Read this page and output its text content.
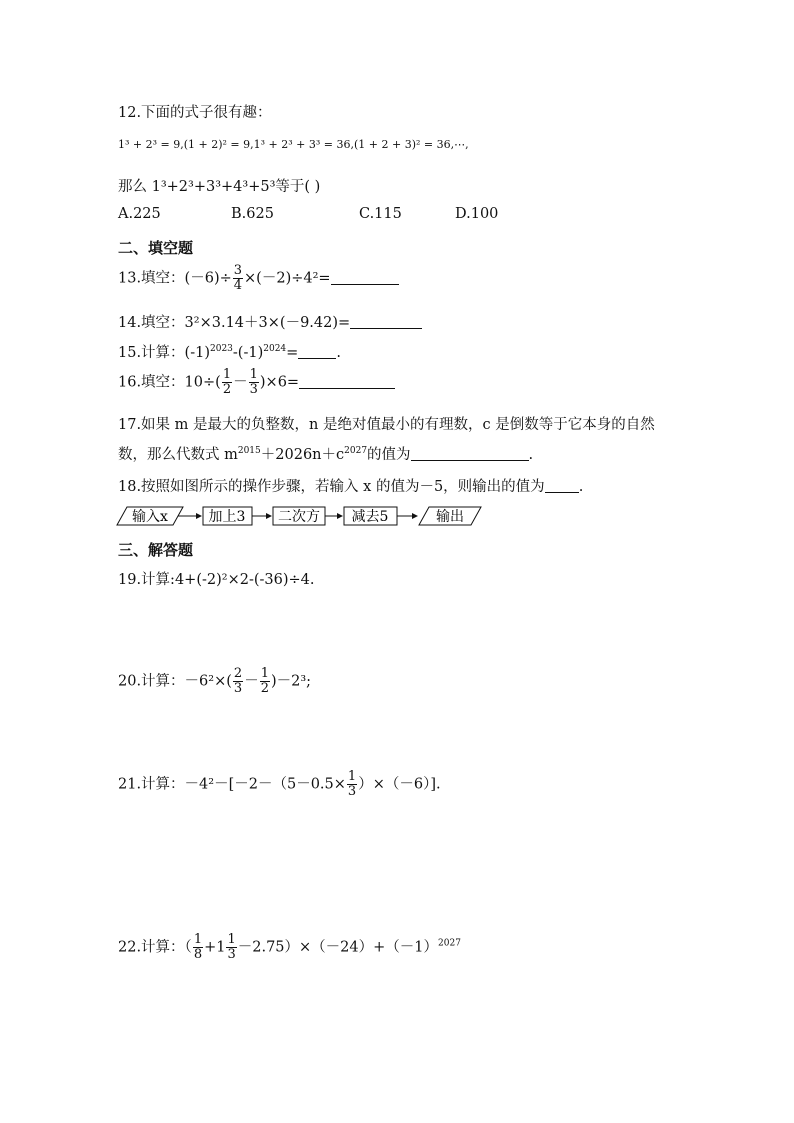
12.下面的式子很有趣：
1³ + 2³ = 9,(1 + 2)² = 9,1³ + 2³ + 3³ = 36,(1 + 2 + 3)² = 36,⋯,
那么 1³+2³+3³+4³+5³等于( )
A.225	B.625	C.115	D.100
二、填空题
13.填空：$(-6)\div \frac{3}{4} \times(-2)\div 4^2=$
14.填空：3²×3.14＋3×(－9.42)=
15.计算：$(-1)^{2023}-(-1)^{2024}=$	.
16.填空：$10\div( \frac{1}{2} - \frac{1}{3} )\times 6=$
17.如果 m 是最大的负整数，n 是绝对值最小的有理数，c 是倒数等于它本身的自然
数，那么代数式 $m^{2015}+2026n+c^{2027}$的值为	.
18.按照如图所示的操作步骤，若输入 x 的值为－5，则输出的值为 .
输入x	加上3 二次方 减去5	输出
三、解答题
19.计算:4+(-2)²×2-(-36)÷4.
20.计算：$-6^2\times( \frac{2}{3} - \frac{1}{2} )-2^3$;
21.计算：$-4^2-[-2-(5-0.5\times \frac{1}{3} )\times(-6)]$.
22.计算：（ $\frac{1}{8} +1 \frac{1}{3} -2.75)\times(-24)+(-1)^{2027}$
